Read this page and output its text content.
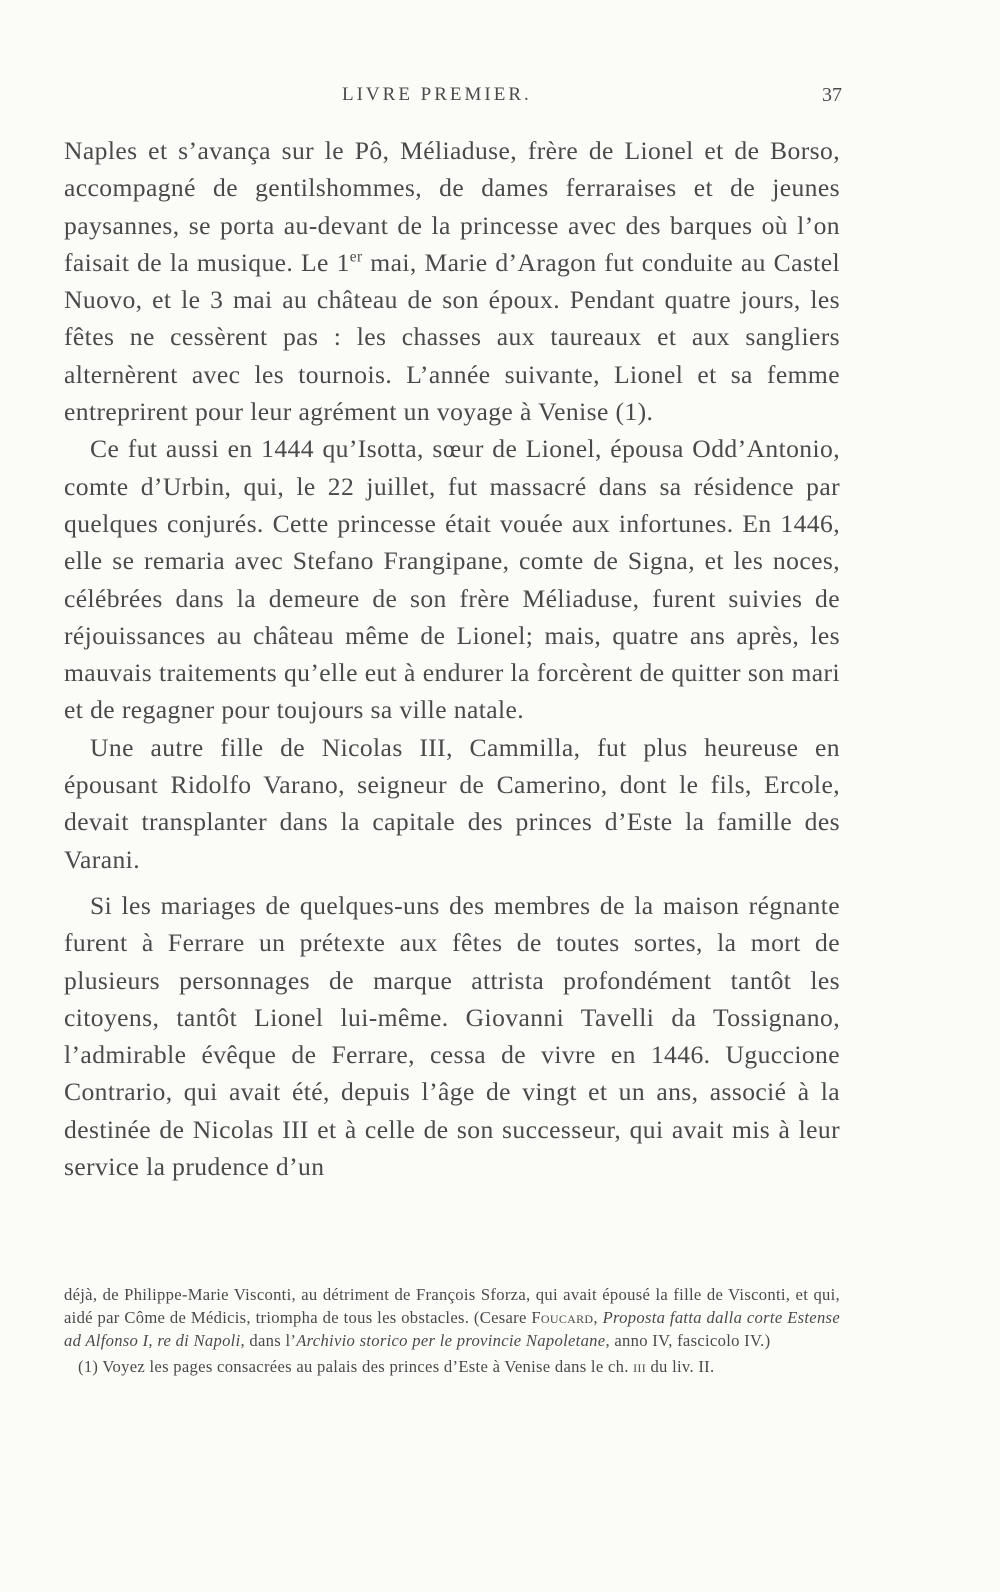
LIVRE PREMIER.	37

Naples et s’avança sur le Pô, Méliaduse, frère de Lionel et de Borso, accompagné de gentilshommes, de dames ferraraises et de jeunes paysannes, se porta au-devant de la princesse avec des barques où l’on faisait de la musique. Le 1er mai, Marie d’Aragon fut conduite au Castel Nuovo, et le 3 mai au château de son époux. Pendant quatre jours, les fêtes ne cessèrent pas : les chasses aux taureaux et aux sangliers alternèrent avec les tournois. L’année suivante, Lionel et sa femme entreprirent pour leur agrément un voyage à Venise (1).

Ce fut aussi en 1444 qu’Isotta, sœur de Lionel, épousa Odd’Antonio, comte d’Urbin, qui, le 22 juillet, fut massacré dans sa résidence par quelques conjurés. Cette princesse était vouée aux infortunes. En 1446, elle se remaria avec Stefano Frangipane, comte de Signa, et les noces, célébrées dans la demeure de son frère Méliaduse, furent suivies de réjouissances au château même de Lionel; mais, quatre ans après, les mauvais traitements qu’elle eut à endurer la forcèrent de quitter son mari et de regagner pour toujours sa ville natale.

Une autre fille de Nicolas III, Cammilla, fut plus heureuse en épousant Ridolfo Varano, seigneur de Camerino, dont le fils, Ercole, devait transplanter dans la capitale des princes d’Este la famille des Varani.

Si les mariages de quelques-uns des membres de la maison régnante furent à Ferrare un prétexte aux fêtes de toutes sortes, la mort de plusieurs personnages de marque attrista profondément tantôt les citoyens, tantôt Lionel lui-même. Giovanni Tavelli da Tossignano, l’admirable évêque de Ferrare, cessa de vivre en 1446. Uguccione Contrario, qui avait été, depuis l’âge de vingt et un ans, associé à la destinée de Nicolas III et à celle de son successeur, qui avait mis à leur service la prudence d’un

déjà, de Philippe-Marie Visconti, au détriment de François Sforza, qui avait épousé la fille de Visconti, et qui, aidé par Côme de Médicis, triompha de tous les obstacles. (Cesare Foucard, Proposta fatta dalla corte Estense ad Alfonso I, re di Napoli, dans l’Archivio storico per le provincie Napoletane, anno IV, fascicolo IV.)

(1) Voyez les pages consacrées au palais des princes d’Este à Venise dans le ch. iii du liv. II.
